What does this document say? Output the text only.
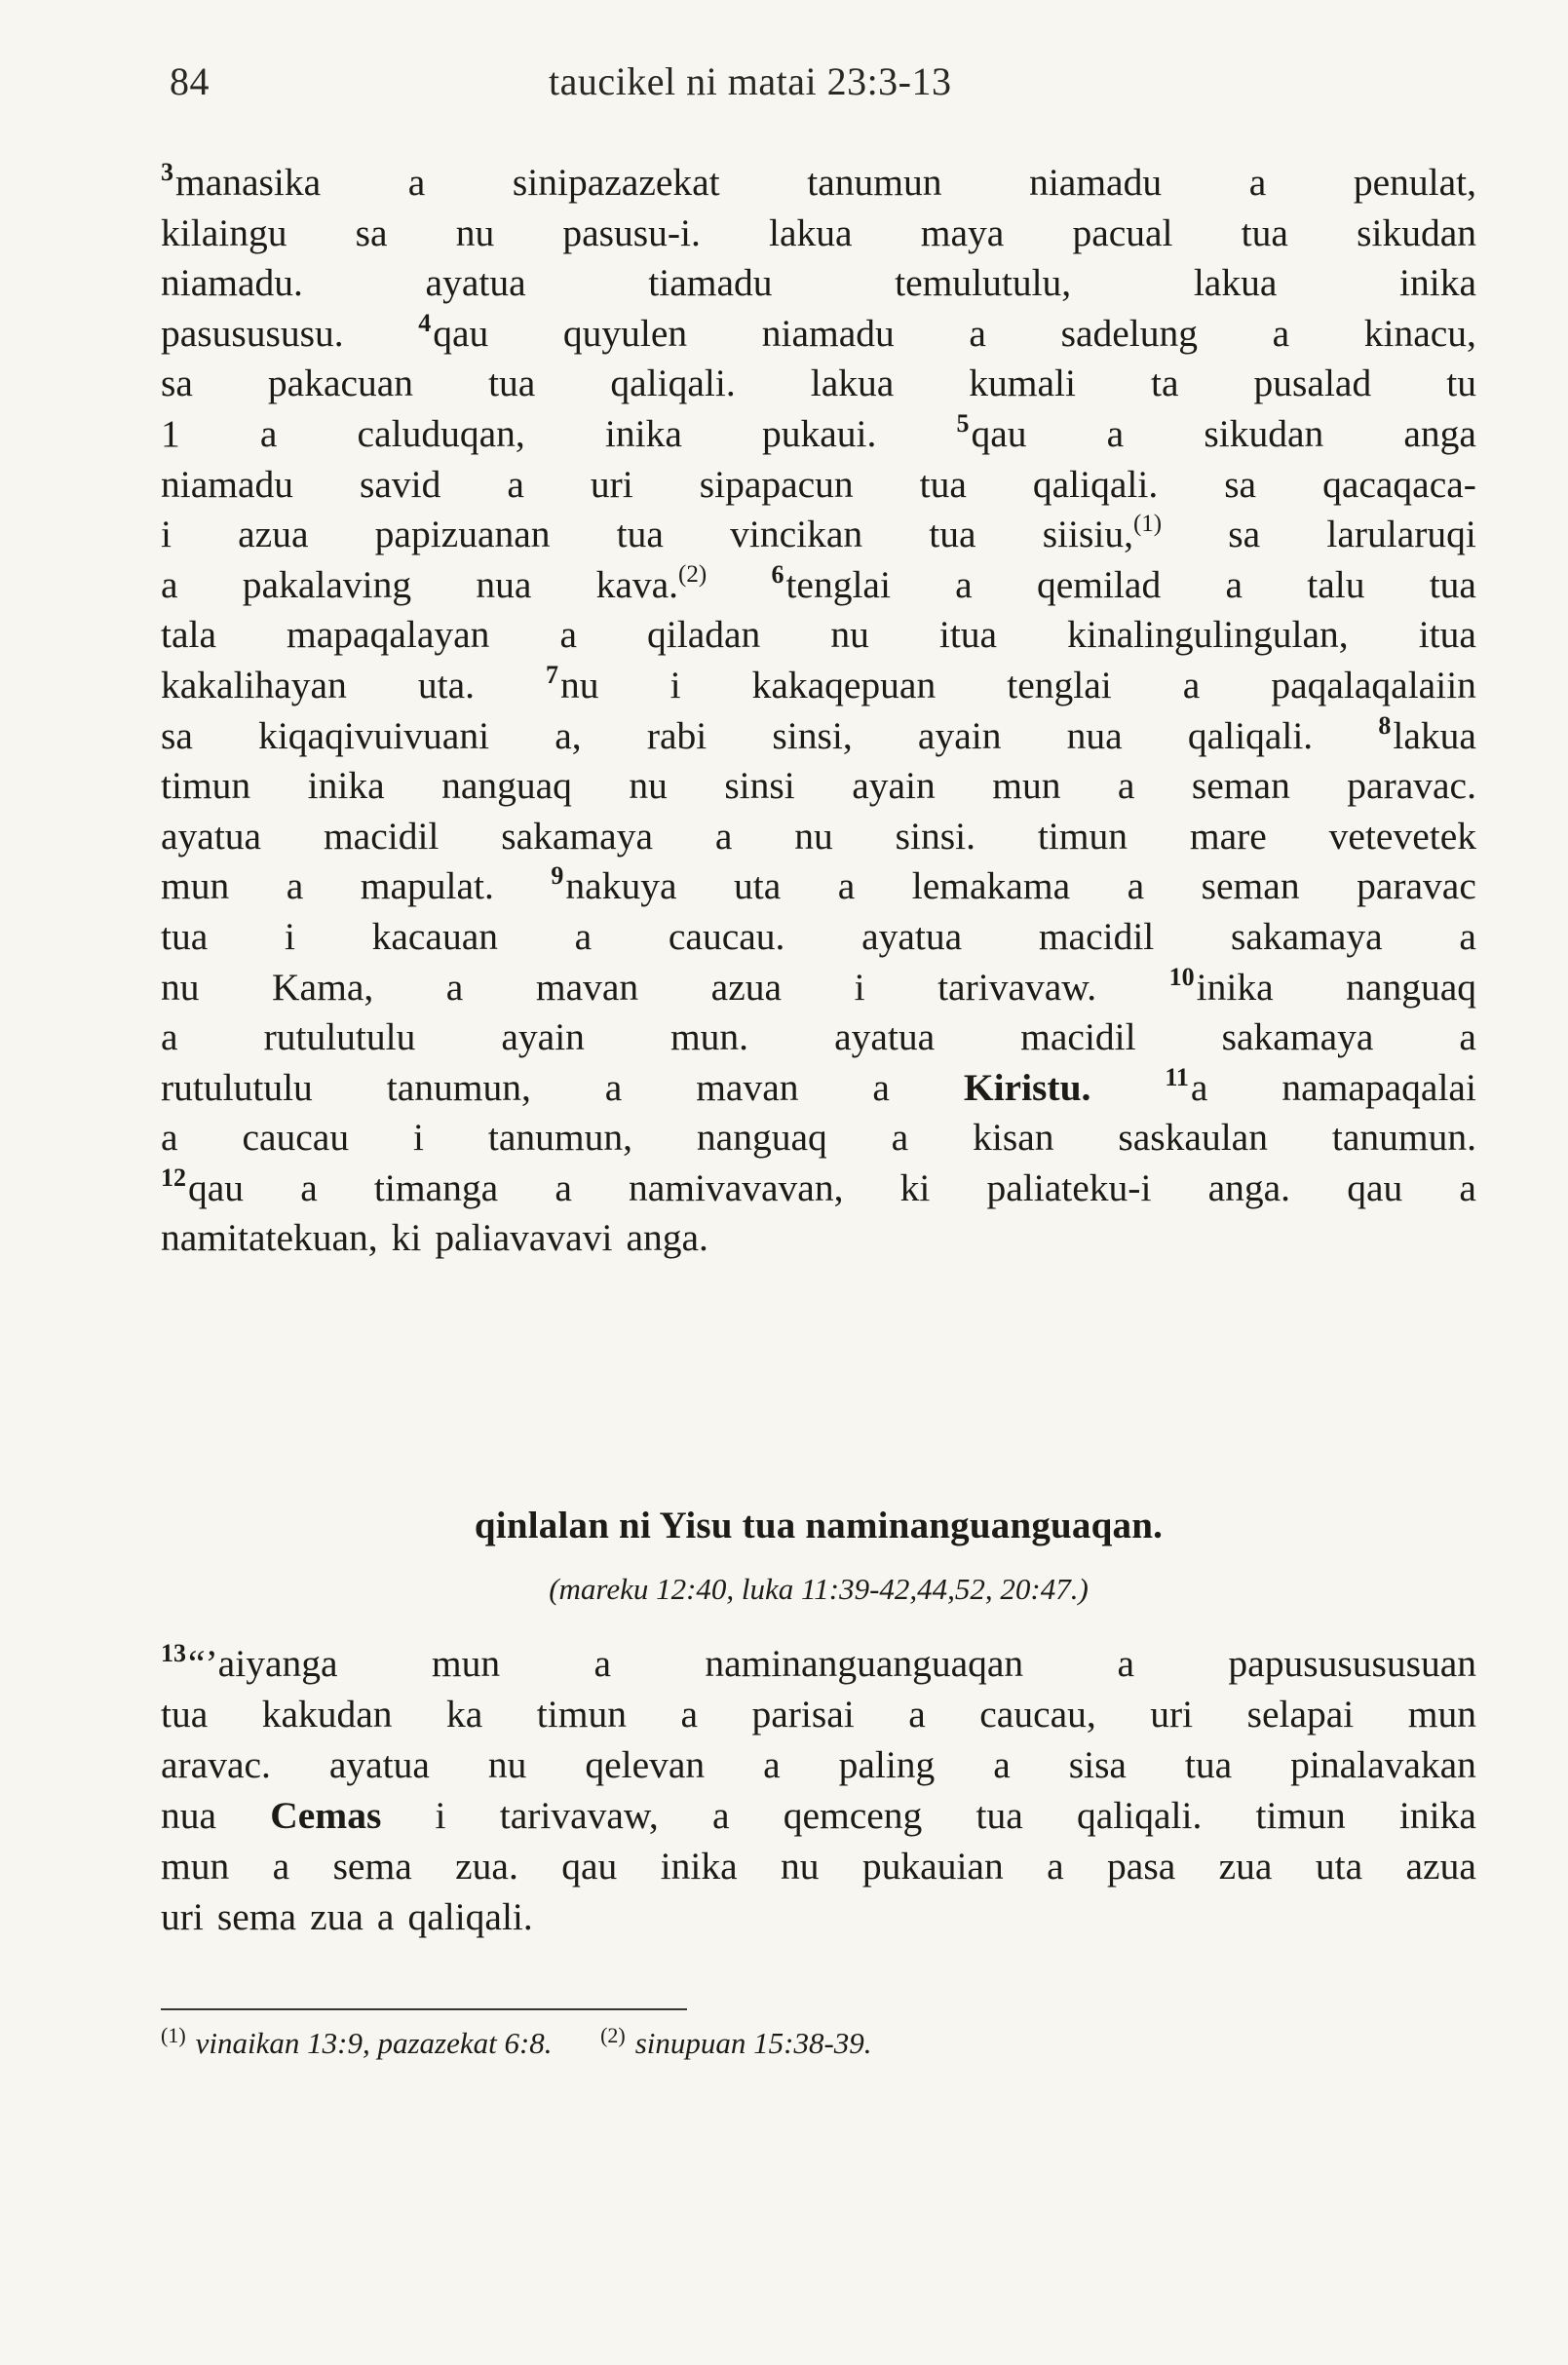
84	taucikel ni matai 23:3-13
$^3$manasika a sinipazazekat tanumun niamadu a penulat,
kilaingu sa nu pasusu-i. lakua maya pacual tua sikudan
niamadu.	ayatua	tiamadu	temulutulu,	lakua	inika
pasusususu.	$^4$qau quyulen niamadu a sadelung a kinacu,
sa pakacuan tua qaliqali. lakua kumali ta pusalad tu
1 a caluduqan, inika pukaui.	$^5$qau a sikudan anga
niamadu savid a uri sipapacun tua qaliqali. sa qacaqaca-
i azua papizuanan tua vincikan tua siisiu,$^{(1)}$ sa larularuqi
a pakalaving nua kava.$^{(2)}$	$^6$tenglai a qemilad a talu tua
tala mapaqalayan a qiladan nu itua kinalingulingulan, itua
kakalihayan uta.	$^7$nu i kakaqepuan tenglai a paqalaqalaiin
sa kiqaqivuivuani a, rabi sinsi, ayain nua qaliqali.	$^8$lakua
timun inika nanguaq nu sinsi ayain mun a seman paravac.
ayatua macidil sakamaya a nu sinsi. timun mare vetevetek
mun a mapulat. $^9$nakuya uta a lemakama a seman paravac
tua i kacauan a caucau. ayatua macidil sakamaya a
nu Kama, a mavan azua i tarivavaw.	$^{10}$inika nanguaq
a rutulutulu ayain mun. ayatua macidil sakamaya a
rutulutulu tanumun, a mavan a Kiristu.	$^{11}$a namapaqalai
a caucau i tanumun, nanguaq a kisan saskaulan tanumun.
$^{12}$qau a timanga a namivavavan, ki paliateku-i anga. qau a
namitatekuan, ki paliavavavi anga.
qinlalan ni Yisu tua naminanguanguaqan.
(mareku 12:40, luka 11:39-42,44,52, 20:47.)
$^{13}$“’aiyanga mun a naminanguanguaqan a papususususuan
tua kakudan ka timun a parisai a caucau, uri selapai mun
aravac. ayatua nu qelevan a paling a sisa tua pinalavakan
nua Cemas i tarivavaw, a qemceng tua qaliqali. timun inika
mun a sema zua. qau inika nu pukauian a pasa zua uta azua
uri sema zua a qaliqali.
$^{(1)}$ vinaikan 13:9, pazazekat 6:8. $^{(2)}$ sinupuan 15:38-39.
